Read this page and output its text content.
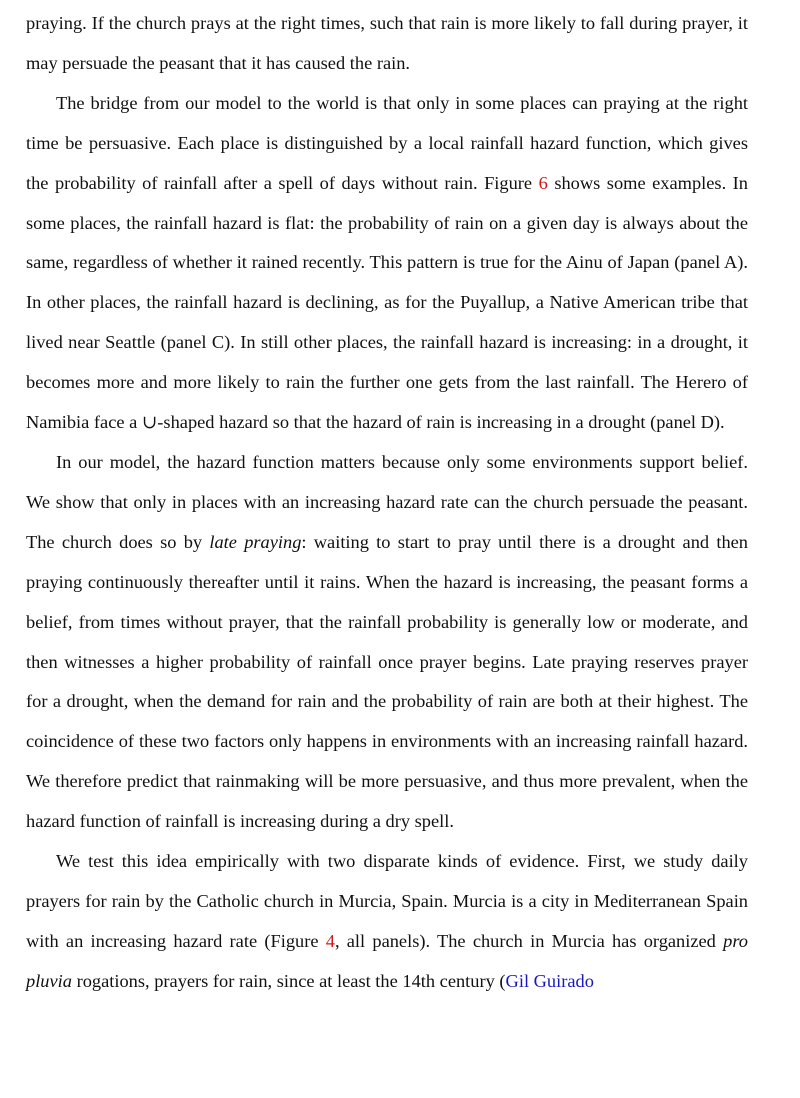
praying. If the church prays at the right times, such that rain is more likely to fall during prayer, it may persuade the peasant that it has caused the rain.

The bridge from our model to the world is that only in some places can praying at the right time be persuasive. Each place is distinguished by a local rainfall hazard function, which gives the probability of rainfall after a spell of days without rain. Figure 6 shows some examples. In some places, the rainfall hazard is flat: the probability of rain on a given day is always about the same, regardless of whether it rained recently. This pattern is true for the Ainu of Japan (panel A). In other places, the rainfall hazard is declining, as for the Puyallup, a Native American tribe that lived near Seattle (panel C). In still other places, the rainfall hazard is increasing: in a drought, it becomes more and more likely to rain the further one gets from the last rainfall. The Herero of Namibia face a ∪-shaped hazard so that the hazard of rain is increasing in a drought (panel D).

In our model, the hazard function matters because only some environments support belief. We show that only in places with an increasing hazard rate can the church persuade the peasant. The church does so by late praying: waiting to start to pray until there is a drought and then praying continuously thereafter until it rains. When the hazard is increasing, the peasant forms a belief, from times without prayer, that the rainfall probability is generally low or moderate, and then witnesses a higher probability of rainfall once prayer begins. Late praying reserves prayer for a drought, when the demand for rain and the probability of rain are both at their highest. The coincidence of these two factors only happens in environments with an increasing rainfall hazard. We therefore predict that rainmaking will be more persuasive, and thus more prevalent, when the hazard function of rainfall is increasing during a dry spell.

We test this idea empirically with two disparate kinds of evidence. First, we study daily prayers for rain by the Catholic church in Murcia, Spain. Murcia is a city in Mediterranean Spain with an increasing hazard rate (Figure 4, all panels). The church in Murcia has organized pro pluvia rogations, prayers for rain, since at least the 14th century (Gil Guirado
